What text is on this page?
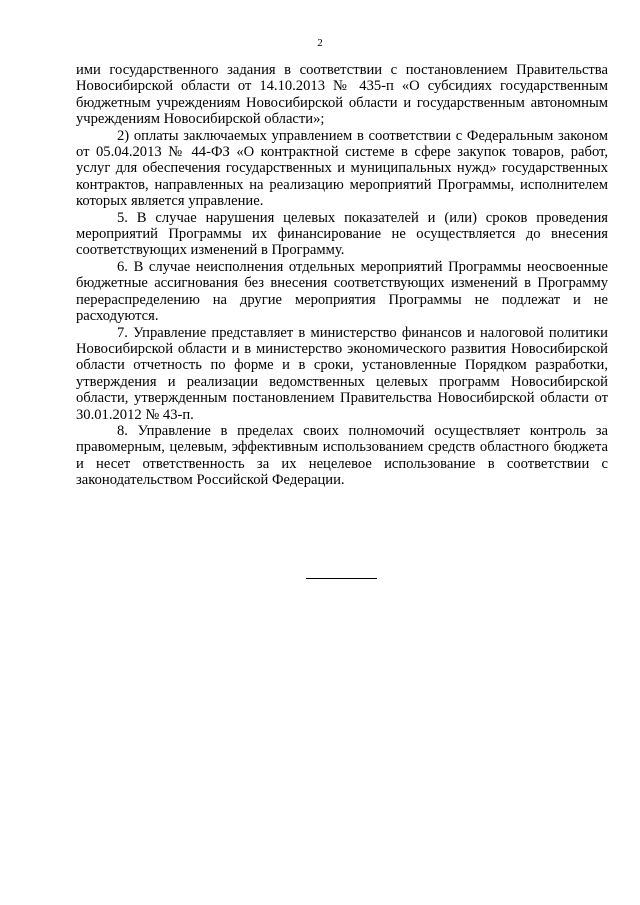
2

ими государственного задания в соответствии с постановлением Правительства Новосибирской области от 14.10.2013 № 435-п «О субсидиях государственным бюджетным учреждениям Новосибирской области и государственным автономным учреждениям Новосибирской области»;

2) оплаты заключаемых управлением в соответствии с Федеральным законом от 05.04.2013 № 44-ФЗ «О контрактной системе в сфере закупок товаров, работ, услуг для обеспечения государственных и муниципальных нужд» государственных контрактов, направленных на реализацию мероприятий Программы, исполнителем которых является управление.

5. В случае нарушения целевых показателей и (или) сроков проведения мероприятий Программы их финансирование не осуществляется до внесения соответствующих изменений в Программу.

6. В случае неисполнения отдельных мероприятий Программы неосвоенные бюджетные ассигнования без внесения соответствующих изменений в Программу перераспределению на другие мероприятия Программы не подлежат и не расходуются.

7. Управление представляет в министерство финансов и налоговой политики Новосибирской области и в министерство экономического развития Новосибирской области отчетность по форме и в сроки, установленные Порядком разработки, утверждения и реализации ведомственных целевых программ Новосибирской области, утвержденным постановлением Правительства Новосибирской области от 30.01.2012 № 43-п.

8. Управление в пределах своих полномочий осуществляет контроль за правомерным, целевым, эффективным использованием средств областного бюджета и несет ответственность за их нецелевое использование в соответствии с законодательством Российской Федерации.
